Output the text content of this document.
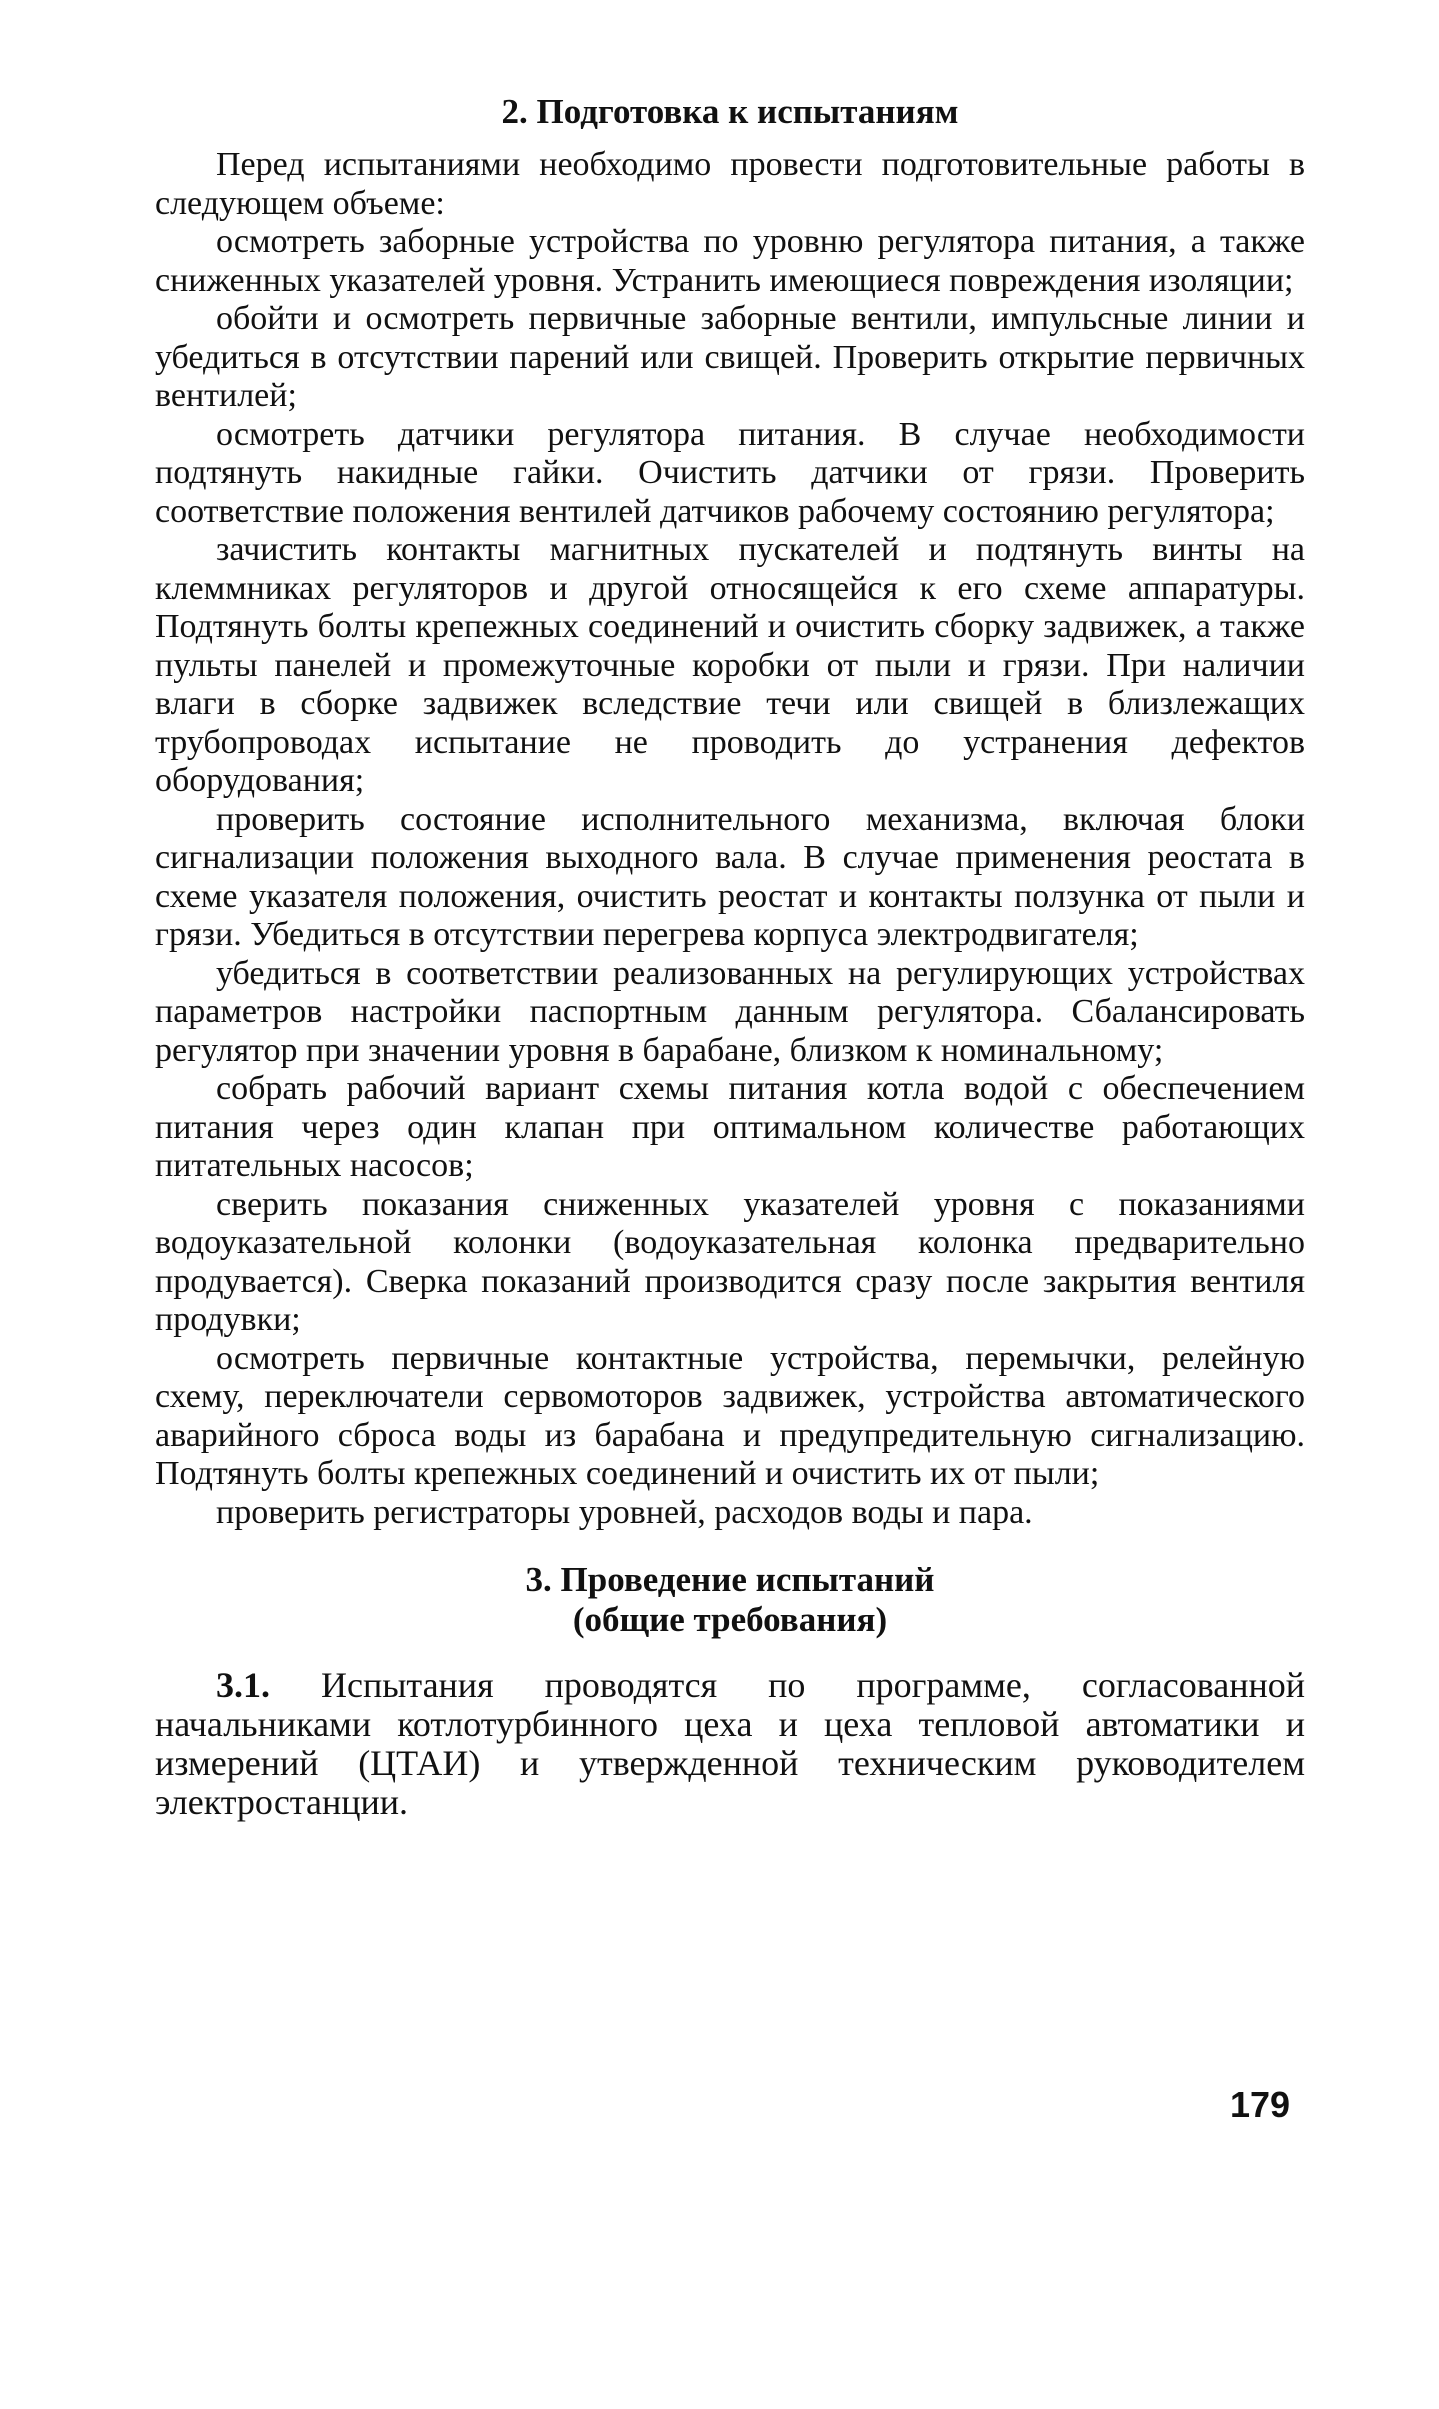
2. Подготовка к испытаниям

Перед испытаниями необходимо провести подготовительные работы в следующем объеме:

осмотреть заборные устройства по уровню регулятора питания, а также сниженных указателей уровня. Устранить имеющиеся повреждения изоляции;

обойти и осмотреть первичные заборные вентили, импульсные линии и убедиться в отсутствии парений или свищей. Проверить открытие первичных вентилей;

осмотреть датчики регулятора питания. В случае необходимости подтянуть накидные гайки. Очистить датчики от грязи. Проверить соответствие положения вентилей датчиков рабочему состоянию регулятора;

зачистить контакты магнитных пускателей и подтянуть винты на клеммниках регуляторов и другой относящейся к его схеме аппаратуры. Подтянуть болты крепежных соединений и очистить сборку задвижек, а также пульты панелей и промежуточные коробки от пыли и грязи. При наличии влаги в сборке задвижек вследствие течи или свищей в близлежащих трубопроводах испытание не проводить до устранения дефектов оборудования;

проверить состояние исполнительного механизма, включая блоки сигнализации положения выходного вала. В случае применения реостата в схеме указателя положения, очистить реостат и контакты ползунка от пыли и грязи. Убедиться в отсутствии перегрева корпуса электродвигателя;

убедиться в соответствии реализованных на регулирующих устройствах параметров настройки паспортным данным регулятора. Сбалансировать регулятор при значении уровня в барабане, близком к номинальному;

собрать рабочий вариант схемы питания котла водой с обеспечением питания через один клапан при оптимальном количестве работающих питательных насосов;

сверить показания сниженных указателей уровня с показаниями водоуказательной колонки (водоуказательная колонка предварительно продувается). Сверка показаний производится сразу после закрытия вентиля продувки;

осмотреть первичные контактные устройства, перемычки, релейную схему, переключатели сервомоторов задвижек, устройства автоматического аварийного сброса воды из барабана и предупредительную сигнализацию. Подтянуть болты крепежных соединений и очистить их от пыли;

проверить регистраторы уровней, расходов воды и пара.

3. Проведение испытаний
(общие требования)

3.1. Испытания проводятся по программе, согласованной начальниками котлотурбинного цеха и цеха тепловой автоматики и измерений (ЦТАИ) и утвержденной техническим руководителем электростанции.

179
